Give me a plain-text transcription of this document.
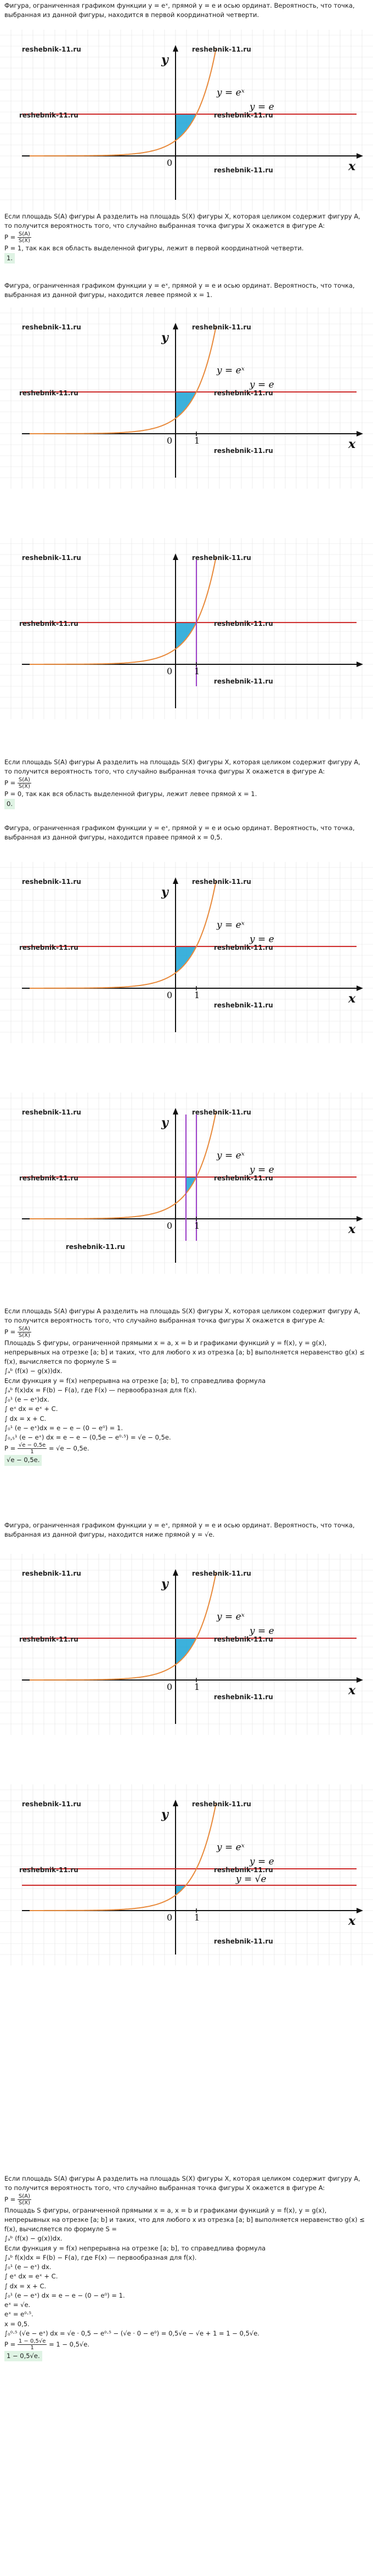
Фигура, ограниченная графиком функции y = eˣ, прямой y = e и осью ординат. Вероятность, что точка, выбранная из данной фигуры, находится в первой координатной четверти.

y
x
0
y = eˣ
y = e
reshebnik-11.ru	reshebnik-11.ru
reshebnik-11.ru	reshebnik-11.ru
reshebnik-11.ru

Если площадь S(A) фигуры A разделить на площадь S(X) фигуры X, которая целиком содержит фигуру A, то получится вероятность того, что случайно выбранная точка фигуры X окажется в фигуре A:

$P = \frac{S(A)}{S(X)}$

P = 1, так как вся область выделенной фигуры, лежит в первой координатной четверти.

1.

Фигура, ограниченная графиком функции y = eˣ, прямой y = e и осью ординат. Вероятность, что точка, выбранная из данной фигуры, находится левее прямой x = 1.

y
x
0 1
y = eˣ
y = e
reshebnik-11.ru	reshebnik-11.ru
reshebnik-11.ru	reshebnik-11.ru
reshebnik-11.ru
0 1
reshebnik-11.ru	reshebnik-11.ru
reshebnik-11.ru	reshebnik-11.ru
reshebnik-11.ru

Если площадь S(A) фигуры A разделить на площадь S(X) фигуры X, которая целиком содержит фигуру A, то получится вероятность того, что случайно выбранная точка фигуры X окажется в фигуре A:

$P = \frac{S(A)}{S(X)}$

P = 0, так как вся область выделенной фигуры, лежит левее прямой x = 1.

0.

Фигура, ограниченная графиком функции y = eˣ, прямой y = e и осью ординат. Вероятность, что точка, выбранная из данной фигуры, находится правее прямой x = 0,5.

y
x
0 1
y = eˣ
y = e
reshebnik-11.ru	reshebnik-11.ru
reshebnik-11.ru	reshebnik-11.ru
reshebnik-11.ru
y
x
0 1
y = eˣ
y = e
reshebnik-11.ru	reshebnik-11.ru
reshebnik-11.ru	reshebnik-11.ru
reshebnik-11.ru

Если площадь S(A) фигуры A разделить на площадь S(X) фигуры X, которая целиком содержит фигуру A, то получится вероятность того, что случайно выбранная точка фигуры X окажется в фигуре A:

$P = \frac{S(A)}{S(X)}$

Площадь S фигуры, ограниченной прямыми x = a, x = b и графиками функций y = f(x), y = g(x), непрерывных на отрезке [a; b] и таких, что для любого x из отрезка [a; b] выполняется неравенство g(x) ≤ f(x), вычисляется по формуле S =
∫ₐᵇ (f(x) − g(x))dx.
Если функция y = f(x) непрерывна на отрезке [a; b], то справедлива формула
∫ₐᵇ f(x)dx = F(b) − F(a), где F(x) — первообразная для f(x).
∫₀¹ (e − eˣ)dx.
∫ eˣ dx = eˣ + C.
∫ dx = x + C.
∫₀¹ (e − eˣ)dx = e − e − (0 − e⁰) = 1.
∫₀,₅¹ (e − eˣ) dx = e − e − (0,5e − e⁰·⁵) = √e − 0,5e.

$P = \frac{√e - 0,5e}{1} = √e - 0,5e$.

√e − 0,5e.

Фигура, ограниченная графиком функции y = eˣ, прямой y = e и осью ординат. Вероятность, что точка, выбранная из данной фигуры, находится ниже прямой y = √e.

y
x
0 1
y = eˣ
y = e
reshebnik-11.ru	reshebnik-11.ru
reshebnik-11.ru	reshebnik-11.ru
reshebnik-11.ru
y
x
0 1
y = eˣ
y = e
y = √e
reshebnik-11.ru	reshebnik-11.ru
reshebnik-11.ru	reshebnik-11.ru
reshebnik-11.ru

Если площадь S(A) фигуры A разделить на площадь S(X) фигуры X, которая целиком содержит фигуру A, то получится вероятность того, что случайно выбранная точка фигуры X окажется в фигуре A:

$P = \frac{S(A)}{S(X)}$

Площадь S фигуры, ограниченной прямыми x = a, x = b и графиками функций y = f(x), y = g(x), непрерывных на отрезке [a; b] и таких, что для любого x из отрезка [a; b] выполняется неравенство g(x) ≤ f(x), вычисляется по формуле S =
∫ₐᵇ (f(x) − g(x))dx.
Если функция y = f(x) непрерывна на отрезке [a; b], то справедлива формула
∫ₐᵇ f(x)dx = F(b) − F(a), где F(x) — первообразная для f(x).
∫₀¹ (e − eˣ) dx.
∫ eˣ dx = eˣ + C.
∫ dx = x + C.
∫₀¹ (e − eˣ) dx = e − e − (0 − e⁰) = 1.
eˣ = √e.
eˣ = e⁰·⁵.
x = 0,5.
∫₀⁰·⁵ (√e − eˣ) dx = √e · 0,5 − e⁰·⁵ − (√e · 0 − e⁰) = 0,5√e − √e + 1 = 1 − 0,5√e.

$P = \frac{1 - 0,5√e}{1} = 1 - 0,5√e$.

1 − 0,5√e.
